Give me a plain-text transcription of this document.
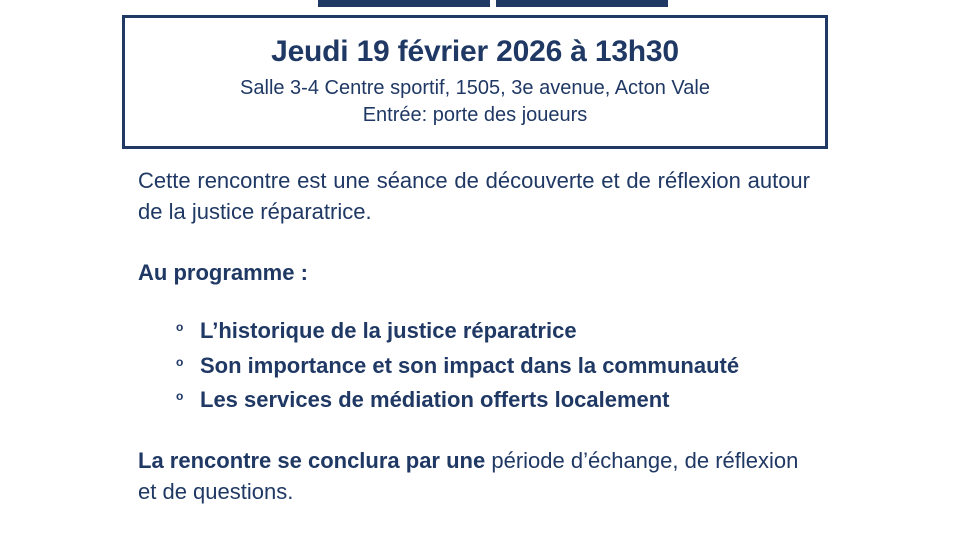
Jeudi 19 février 2026 à 13h30
Salle 3-4 Centre sportif, 1505, 3e avenue, Acton Vale
Entrée: porte des joueurs

Cette rencontre est une séance de découverte et de réflexion autour de la justice réparatrice.

Au programme :

o L’historique de la justice réparatrice
o Son importance et son impact dans la communauté
o Les services de médiation offerts localement

La rencontre se conclura par une période d’échange, de réflexion et de questions.
